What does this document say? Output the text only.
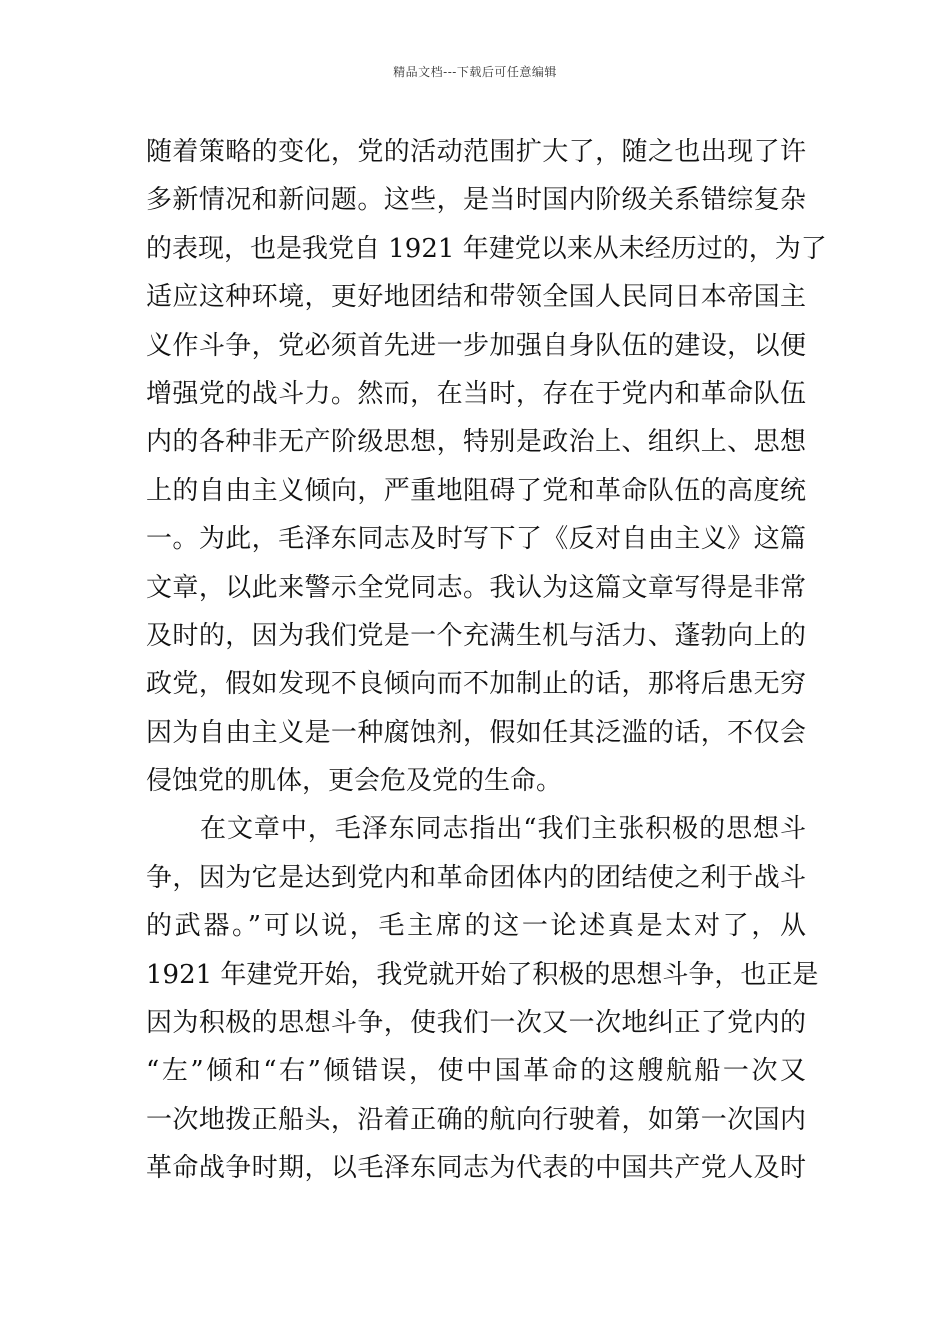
精品文档---下载后可任意编辑
随着策略的变化，党的活动范围扩大了，随之也出现了许
多新情况和新问题。这些，是当时国内阶级关系错综复杂
的表现，也是我党自 1921 年建党以来从未经历过的，为了
适应这种环境，更好地团结和带领全国人民同日本帝国主
义作斗争，党必须首先进一步加强自身队伍的建设，以便
增强党的战斗力。然而，在当时，存在于党内和革命队伍
内的各种非无产阶级思想，特别是政治上、组织上、思想
上的自由主义倾向，严重地阻碍了党和革命队伍的高度统
一。为此，毛泽东同志及时写下了《反对自由主义》这篇
文章，以此来警示全党同志。我认为这篇文章写得是非常
及时的，因为我们党是一个充满生机与活力、蓬勃向上的
政党，假如发现不良倾向而不加制止的话，那将后患无穷
因为自由主义是一种腐蚀剂，假如任其泛滥的话，不仅会
侵蚀党的肌体，更会危及党的生命。
在文章中，毛泽东同志指出“我们主张积极的思想斗
争，因为它是达到党内和革命团体内的团结使之利于战斗
的武器。”可以说，毛主席的这一论述真是太对了，从
1921 年建党开始，我党就开始了积极的思想斗争，也正是
因为积极的思想斗争，使我们一次又一次地纠正了党内的
“左”倾和“右”倾错误，使中国革命的这艘航船一次又
一次地拨正船头，沿着正确的航向行驶着，如第一次国内
革命战争时期，以毛泽东同志为代表的中国共产党人及时
